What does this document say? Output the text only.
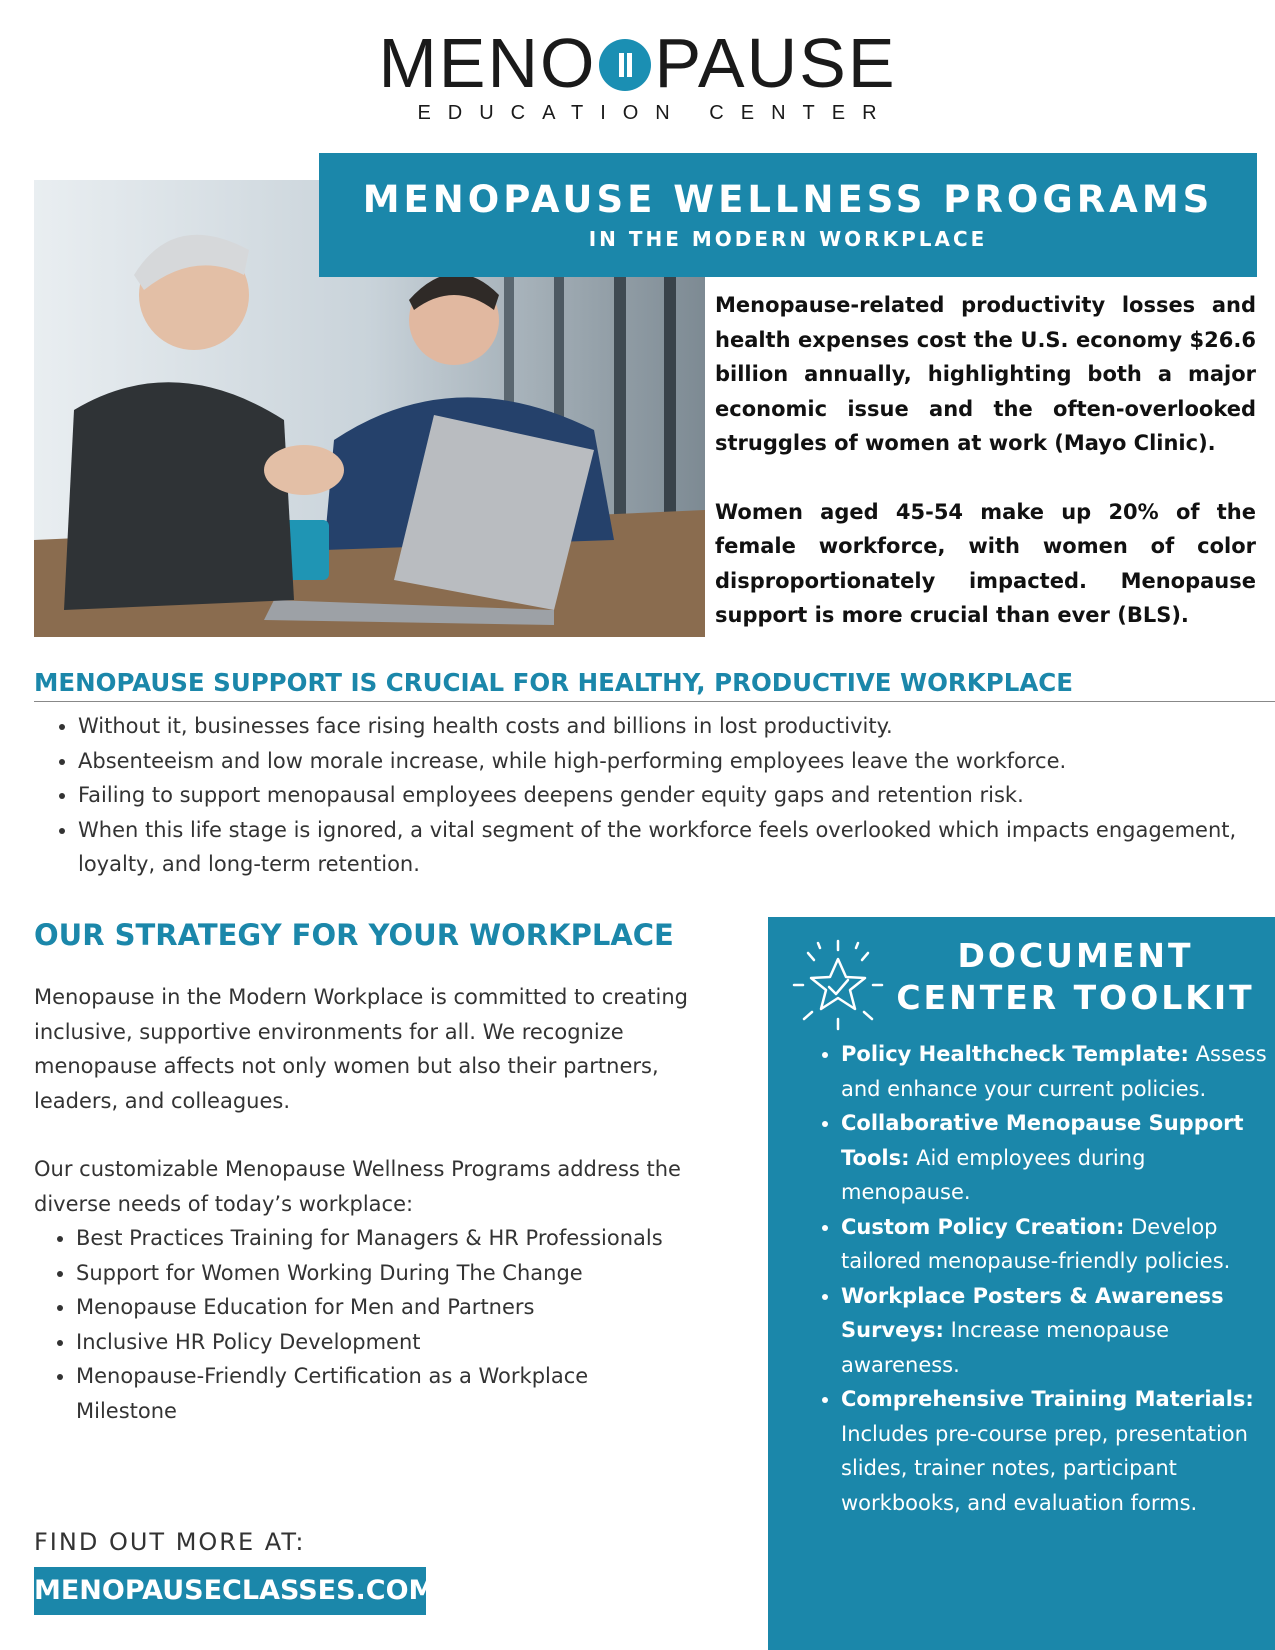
MENO PAUSE
EDUCATION CENTER
MENOPAUSE WELLNESS PROGRAMS
IN THE MODERN WORKPLACE

Menopause-related productivity losses and health expenses cost the U.S. economy $26.6 billion annually, highlighting both a major economic issue and the often-overlooked struggles of women at work (Mayo Clinic).

Women aged 45-54 make up 20% of the female workforce, with women of color disproportionately impacted. Menopause support is more crucial than ever (BLS).

MENOPAUSE SUPPORT IS CRUCIAL FOR HEALTHY, PRODUCTIVE WORKPLACE
• Without it, businesses face rising health costs and billions in lost productivity.
• Absenteeism and low morale increase, while high-performing employees leave the workforce.
• Failing to support menopausal employees deepens gender equity gaps and retention risk.
• When this life stage is ignored, a vital segment of the workforce feels overlooked which impacts engagement, loyalty, and long-term retention.
OUR STRATEGY FOR YOUR WORKPLACE

Menopause in the Modern Workplace is committed to creating inclusive, supportive environments for all. We recognize menopause affects not only women but also their partners, leaders, and colleagues.

Our customizable Menopause Wellness Programs address the diverse needs of today’s workplace:

• Best Practices Training for Managers & HR Professionals
• Support for Women Working During The Change
• Menopause Education for Men and Partners
• Inclusive HR Policy Development
• Menopause-Friendly Certification as a Workplace Milestone
FIND OUT MORE AT:
MENOPAUSECLASSES.COM
DOCUMENT CENTER TOOLKIT
• Policy Healthcheck Template: Assess and enhance your current policies.
• Collaborative Menopause Support Tools: Aid employees during menopause.
• Custom Policy Creation: Develop tailored menopause-friendly policies.
• Workplace Posters & Awareness Surveys: Increase menopause awareness.
• Comprehensive Training Materials: Includes pre-course prep, presentation slides, trainer notes, participant workbooks, and evaluation forms.
